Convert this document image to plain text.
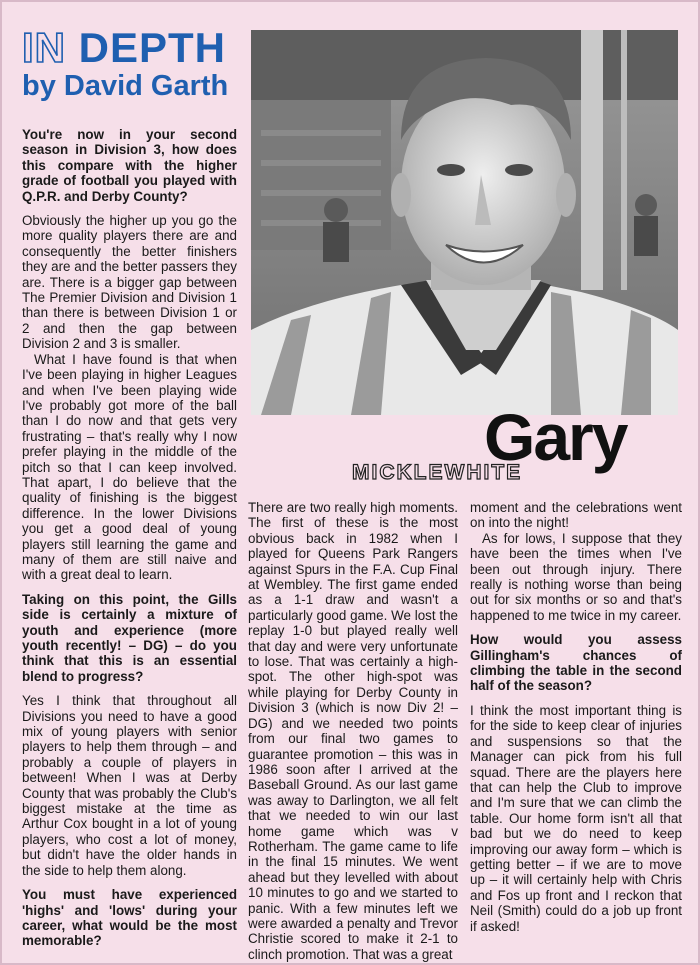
IN DEPTH
by David Garth
Gary
MICKLEWHITE

You're now in your second season in Division 3, how does this compare with the higher grade of football you played with Q.P.R. and Derby County?

Obviously the higher up you go the more quality players there are and consequently the better finishers they are and the better passers they are. There is a bigger gap between The Premier Division and Division 1 than there is between Division 1 or 2 and then the gap between Division 2 and 3 is smaller.

What I have found is that when I've been playing in higher Leagues and when I've been playing wide I've probably got more of the ball than I do now and that gets very frustrating – that's really why I now prefer playing in the middle of the pitch so that I can keep involved. That apart, I do believe that the quality of finishing is the biggest difference. In the lower Divisions you get a good deal of young players still learning the game and many of them are still naive and with a great deal to learn.

Taking on this point, the Gills side is certainly a mixture of youth and experience (more youth recently! – DG) – do you think that this is an essential blend to progress?

Yes I think that throughout all Divisions you need to have a good mix of young players with senior players to help them through – and probably a couple of players in between! When I was at Derby County that was probably the Club's biggest mistake at the time as Arthur Cox bought in a lot of young players, who cost a lot of money, but didn't have the older hands in the side to help them along.

You must have experienced 'highs' and 'lows' during your career, what would be the most memorable?

There are two really high moments. The first of these is the most obvious back in 1982 when I played for Queens Park Rangers against Spurs in the F.A. Cup Final at Wembley. The first game ended as a 1-1 draw and wasn't a particularly good game. We lost the replay 1-0 but played really well that day and were very unfortunate to lose. That was certainly a high-spot. The other high-spot was while playing for Derby County in Division 3 (which is now Div 2! – DG) and we needed two points from our final two games to guarantee promotion – this was in 1986 soon after I arrived at the Baseball Ground. As our last game was away to Darlington, we all felt that we needed to win our last home game which was v Rotherham. The game came to life in the final 15 minutes. We went ahead but they levelled with about 10 minutes to go and we started to panic. With a few minutes left we were awarded a penalty and Trevor Christie scored to make it 2-1 to clinch promotion. That was a great

moment and the celebrations went on into the night!

As for lows, I suppose that they have been the times when I've been out through injury. There really is nothing worse than being out for six months or so and that's happened to me twice in my career.

How would you assess Gillingham's chances of climbing the table in the second half of the season?

I think the most important thing is for the side to keep clear of injuries and suspensions so that the Manager can pick from his full squad. There are the players here that can help the Club to improve and I'm sure that we can climb the table. Our home form isn't all that bad but we do need to keep improving our away form – which is getting better – if we are to move up – it will certainly help with Chris and Fos up front and I reckon that Neil (Smith) could do a job up front if asked!
